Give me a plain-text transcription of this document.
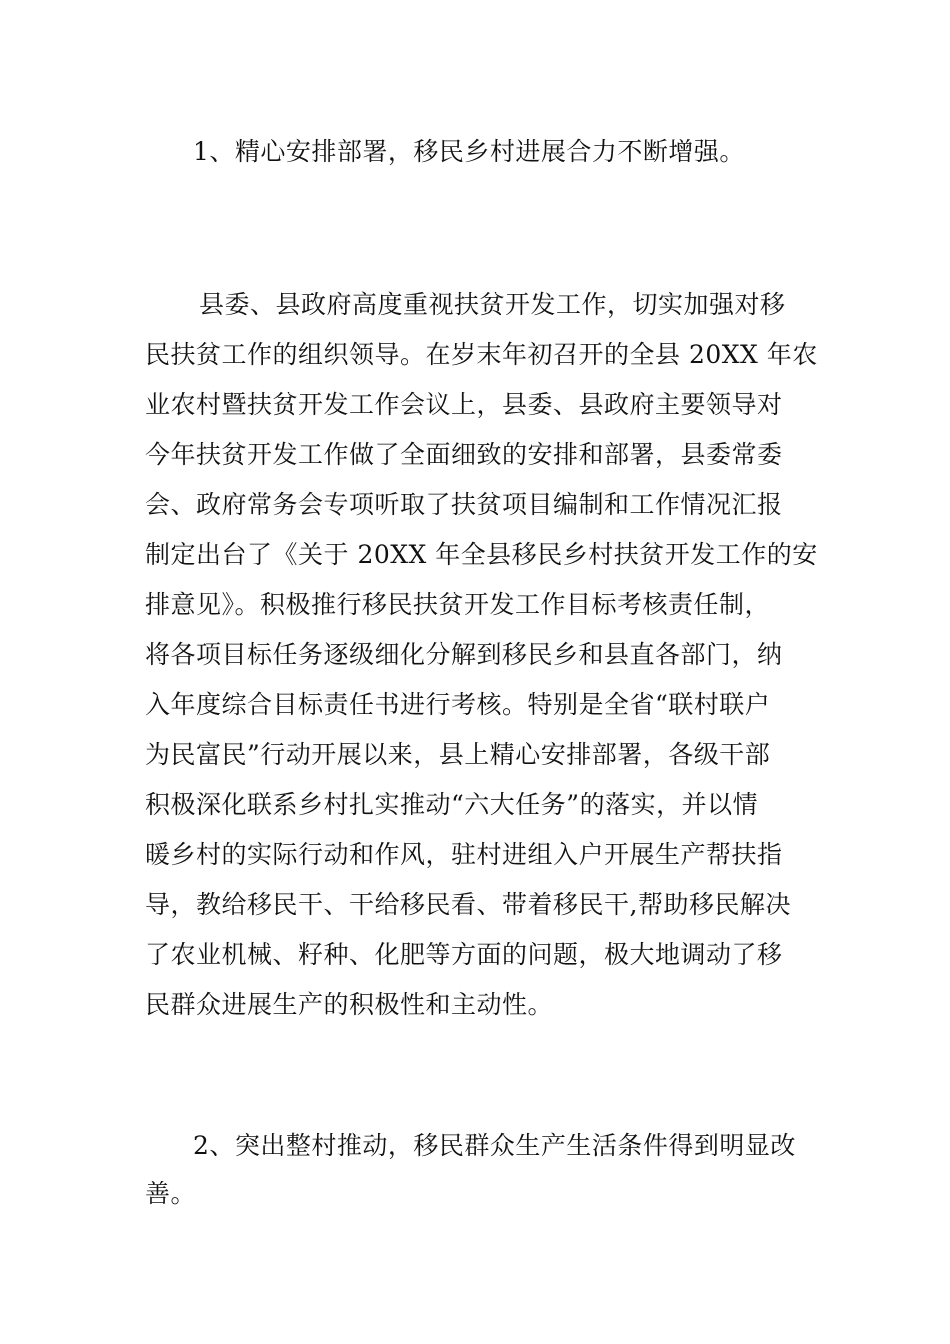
1、精心安排部署，移民乡村进展合力不断增强。

县委、县政府高度重视扶贫开发工作，切实加强对移
民扶贫工作的组织领导。在岁末年初召开的全县 20XX 年农
业农村暨扶贫开发工作会议上，县委、县政府主要领导对
今年扶贫开发工作做了全面细致的安排和部署，县委常委
会、政府常务会专项听取了扶贫项目编制和工作情况汇报
制定出台了《关于 20XX 年全县移民乡村扶贫开发工作的安
排意见》。积极推行移民扶贫开发工作目标考核责任制，
将各项目标任务逐级细化分解到移民乡和县直各部门，纳
入年度综合目标责任书进行考核。特别是全省“联村联户
为民富民”行动开展以来，县上精心安排部署，各级干部
积极深化联系乡村扎实推动“六大任务”的落实，并以情
暖乡村的实际行动和作风，驻村进组入户开展生产帮扶指
导，教给移民干、干给移民看、带着移民干,帮助移民解决
了农业机械、籽种、化肥等方面的问题，极大地调动了移
民群众进展生产的积极性和主动性。

2、突出整村推动，移民群众生产生活条件得到明显改善。
